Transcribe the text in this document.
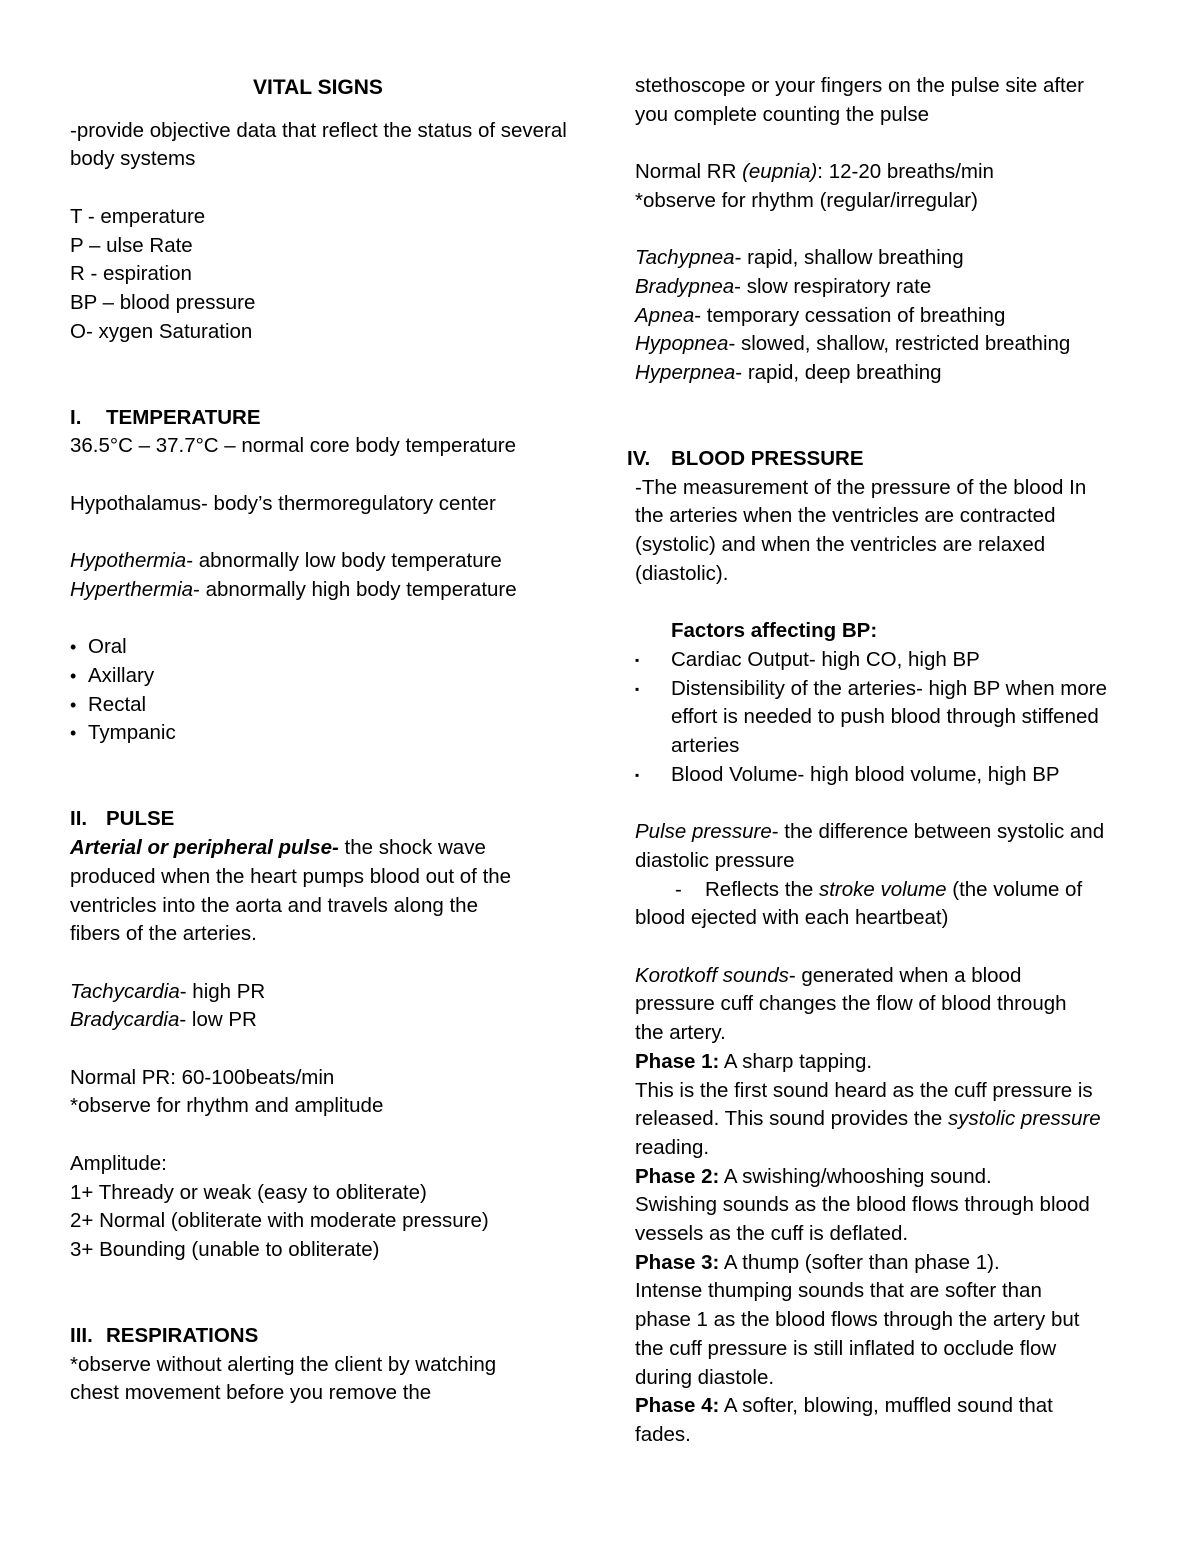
VITAL SIGNS
-provide objective data that reflect the status of several body systems
T - emperature
P – ulse Rate
R - espiration
BP – blood pressure
O- xygen Saturation
I. TEMPERATURE
36.5°C – 37.7°C – normal core body temperature
Hypothalamus- body’s thermoregulatory center
Hypothermia- abnormally low body temperature
Hyperthermia- abnormally high body temperature
• Oral
• Axillary
• Rectal
• Tympanic
II. PULSE
Arterial or peripheral pulse- the shock wave
produced when the heart pumps blood out of the
ventricles into the aorta and travels along the
fibers of the arteries.
Tachycardia- high PR
Bradycardia- low PR
Normal PR: 60-100beats/min
*observe for rhythm and amplitude
Amplitude:
1+ Thready or weak (easy to obliterate)
2+ Normal (obliterate with moderate pressure)
3+ Bounding (unable to obliterate)
III. RESPIRATIONS
*observe without alerting the client by watching
chest movement before you remove the
stethoscope or your fingers on the pulse site after
you complete counting the pulse
Normal RR (eupnia): 12-20 breaths/min
*observe for rhythm (regular/irregular)
Tachypnea- rapid, shallow breathing
Bradypnea- slow respiratory rate
Apnea- temporary cessation of breathing
Hypopnea- slowed, shallow, restricted breathing
Hyperpnea- rapid, deep breathing
IV. BLOOD PRESSURE
-The measurement of the pressure of the blood In
the arteries when the ventricles are contracted
(systolic) and when the ventricles are relaxed
(diastolic).
Factors affecting BP:
▪	Cardiac Output- high CO, high BP
▪	Distensibility of the arteries- high BP when more effort is needed to push blood through stiffened arteries
▪	Blood Volume- high blood volume, high BP
Pulse pressure- the difference between systolic and
diastolic pressure
- Reflects the stroke volume (the volume of
blood ejected with each heartbeat)
Korotkoff sounds- generated when a blood
pressure cuff changes the flow of blood through
the artery.
Phase 1: A sharp tapping.
This is the first sound heard as the cuff pressure is
released. This sound provides the systolic pressure
reading.
Phase 2: A swishing/whooshing sound.
Swishing sounds as the blood flows through blood
vessels as the cuff is deflated.
Phase 3: A thump (softer than phase 1).
Intense thumping sounds that are softer than
phase 1 as the blood flows through the artery but
the cuff pressure is still inflated to occlude flow
during diastole.
Phase 4: A softer, blowing, muffled sound that
fades.
